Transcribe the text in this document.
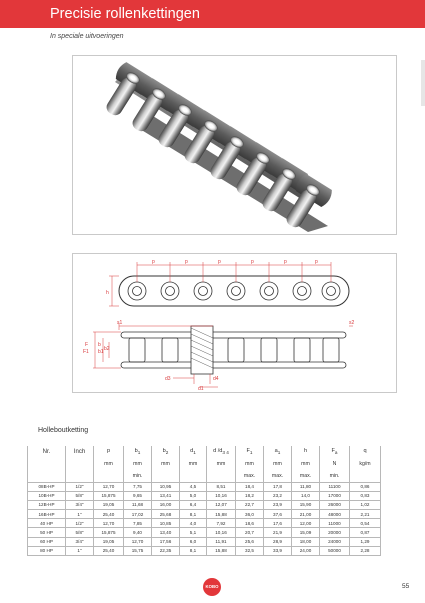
Precisie rollenkettingen
In speciale uitvoeringen
p	p	p	p	p	p
h
s1	s2
F
F1
b
b1 b2
d3
d1
d4
Holleboutketting
Nr.	Inch	p	$b_1$	$b_2$	$d_1$	d $/d_{3 4}$	$F_1$	$a_1$	h	$F_a$	q
		mm	mm	mm	mm	mm	mm	mm	mm	N	kg/m
			min.				max.	max.	max.	min.	
08B-HP	1/2"	12,70	7,75	10,95	4,5	8,51	18,4	17,8	11,80	11100	0,86
10B-HP	5/8"	15,875	9,65	13,41	5,0	10,16	18,2	23,2	14,0	17000	0,83
12B-HP	3/4"	19,05	11,68	16,00	6,4	12,07	22,7	23,9	15,90	26000	1,02
16B-HP	1"	25,40	17,02	25,68	8,1	15,88	36,0	37,6	21,00	48000	2,21
40 HP	1/2"	12,70	7,85	10,85	4,0	7,92	18,6	17,6	12,00	11000	0,54
50 HP	5/8"	15,875	9,40	13,40	5,1	10,16	20,7	21,9	15,09	20000	0,87
60 HP	3/4"	19,05	12,70	17,56	6,0	11,91	25,6	28,9	18,00	24000	1,29
80 HP	1"	25,40	15,75	22,35	8,1	15,88	32,5	33,9	24,00	50000	2,28
KOBO	55
